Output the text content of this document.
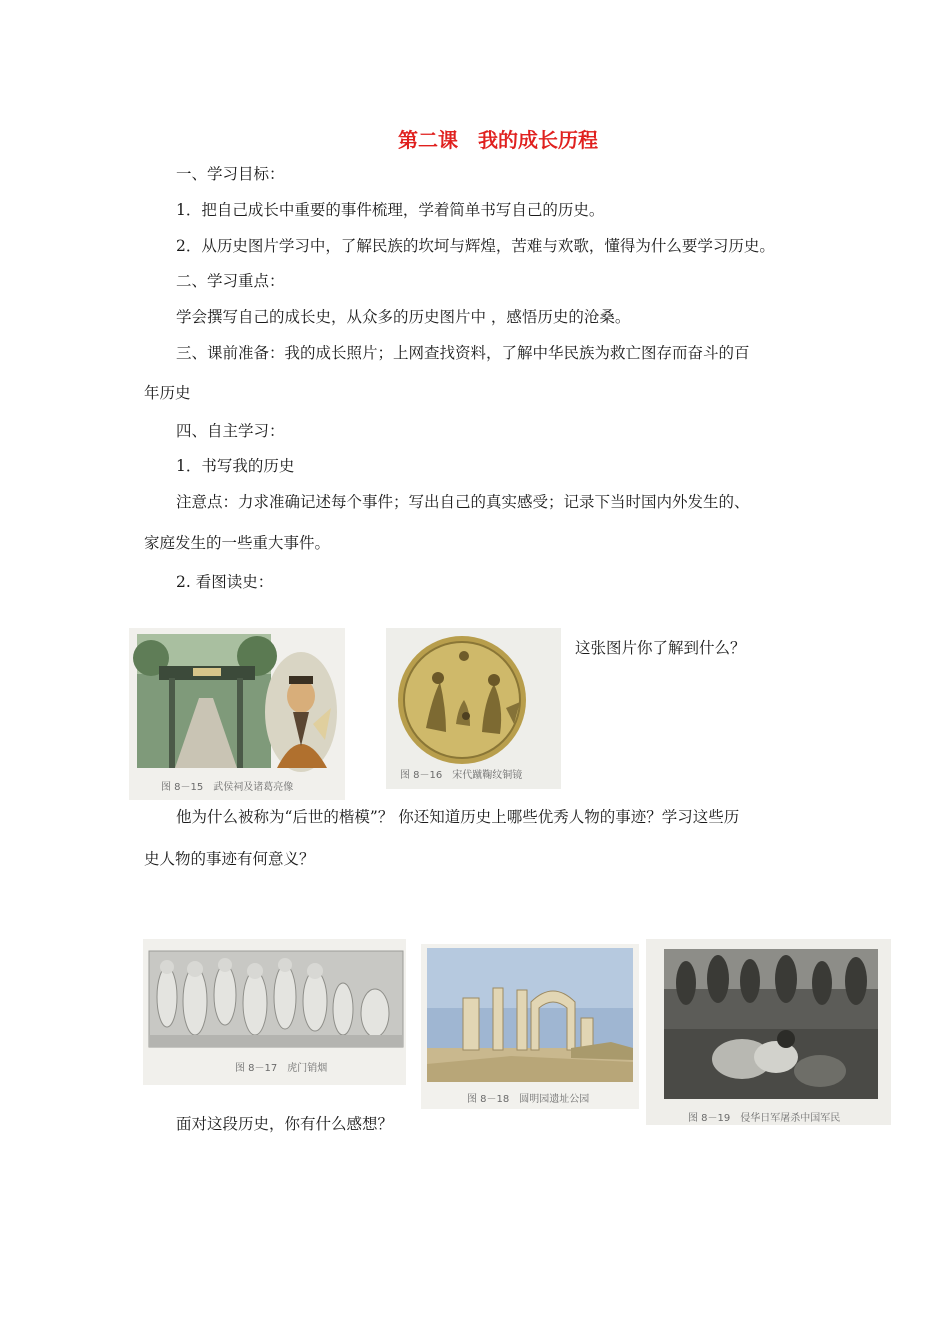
第二课　我的成长历程
一、学习目标：
1．把自己成长中重要的事件梳理，学着简单书写自己的历史。
2．从历史图片学习中，了解民族的坎坷与辉煌，苦难与欢歌，懂得为什么要学习历史。
二、学习重点：
学会撰写自己的成长史，从众多的历史图片中 ，感悟历史的沧桑。
三、课前准备：我的成长照片；上网查找资料，了解中华民族为救亡图存而奋斗的百
年历史
四、自主学习：
1．书写我的历史
注意点：力求准确记述每个事件；写出自己的真实感受；记录下当时国内外发生的、
家庭发生的一些重大事件。
2. 看图读史：
图 8－15　武侯祠及诸葛亮像
图 8－16　宋代蹴鞠纹铜镜
这张图片你了解到什么？
他为什么被称为“后世的楷模”？ 你还知道历史上哪些优秀人物的事迹？学习这些历
史人物的事迹有何意义？
图 8－17　虎门销烟
图 8－18　圆明园遗址公园
图 8－19　侵华日军屠杀中国军民
面对这段历史，你有什么感想？
